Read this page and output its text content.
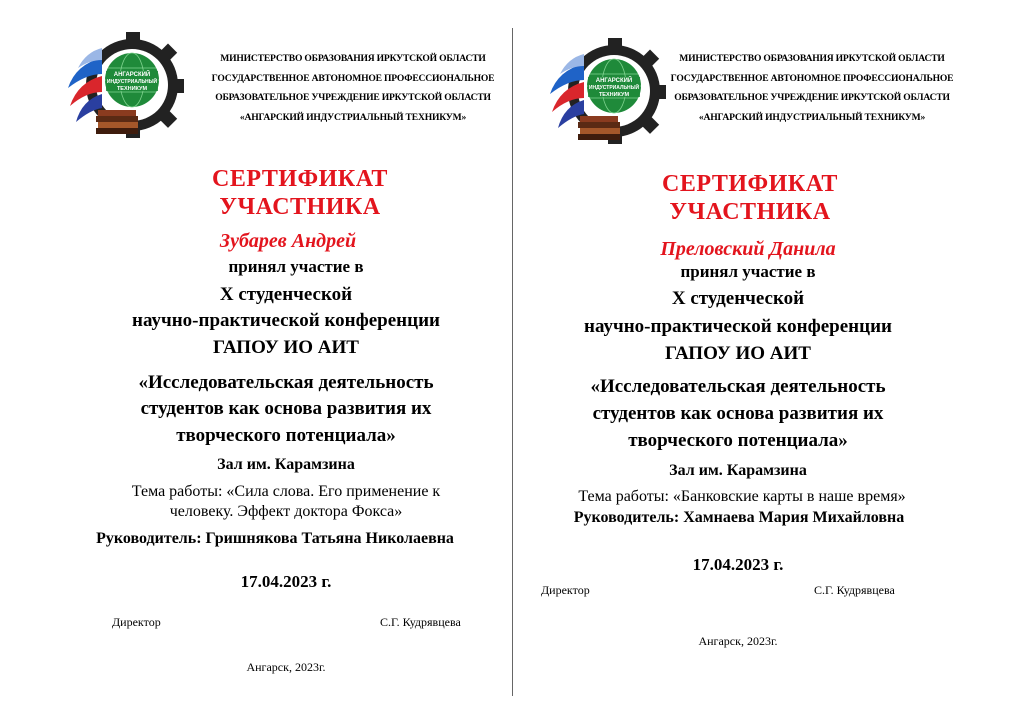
АНГАРСКИЙ
ИНДУСТРИАЛЬНЫЙ
ТЕХНИКУМ
МИНИСТЕРСТВО ОБРАЗОВАНИЯ ИРКУТСКОЙ ОБЛАСТИ
ГОСУДАРСТВЕННОЕ АВТОНОМНОЕ ПРОФЕССИОНАЛЬНОЕ
ОБРАЗОВАТЕЛЬНОЕ УЧРЕЖДЕНИЕ ИРКУТСКОЙ ОБЛАСТИ
«АНГАРСКИЙ ИНДУСТРИАЛЬНЫЙ ТЕХНИКУМ»
СЕРТИФИКАТ
УЧАСТНИКА
Зубарев Андрей
принял участие в
X студенческой
научно-практической конференции
ГАПОУ ИО АИТ
«Исследовательская деятельность
студентов как основа развития их
творческого потенциала»
Зал им. Карамзина
Тема работы: «Сила слова. Его применение к
человеку. Эффект доктора Фокса»
Руководитель: Гришнякова Татьяна Николаевна
17.04.2023 г.
Директор	С.Г. Кудрявцева
Ангарск, 2023г.
АНГАРСКИЙ
ИНДУСТРИАЛЬНЫЙ
ТЕХНИКУМ
МИНИСТЕРСТВО ОБРАЗОВАНИЯ ИРКУТСКОЙ ОБЛАСТИ
ГОСУДАРСТВЕННОЕ АВТОНОМНОЕ ПРОФЕССИОНАЛЬНОЕ
ОБРАЗОВАТЕЛЬНОЕ УЧРЕЖДЕНИЕ ИРКУТСКОЙ ОБЛАСТИ
«АНГАРСКИЙ ИНДУСТРИАЛЬНЫЙ ТЕХНИКУМ»
СЕРТИФИКАТ
УЧАСТНИКА
Преловский Данила
принял участие в
X студенческой
научно-практической конференции
ГАПОУ ИО АИТ
«Исследовательская деятельность
студентов как основа развития их
творческого потенциала»
Зал им. Карамзина
Тема работы: «Банковские карты в наше время»
Руководитель: Хамнаева Мария Михайловна
17.04.2023 г.
Директор	С.Г. Кудрявцева
Ангарск, 2023г.
